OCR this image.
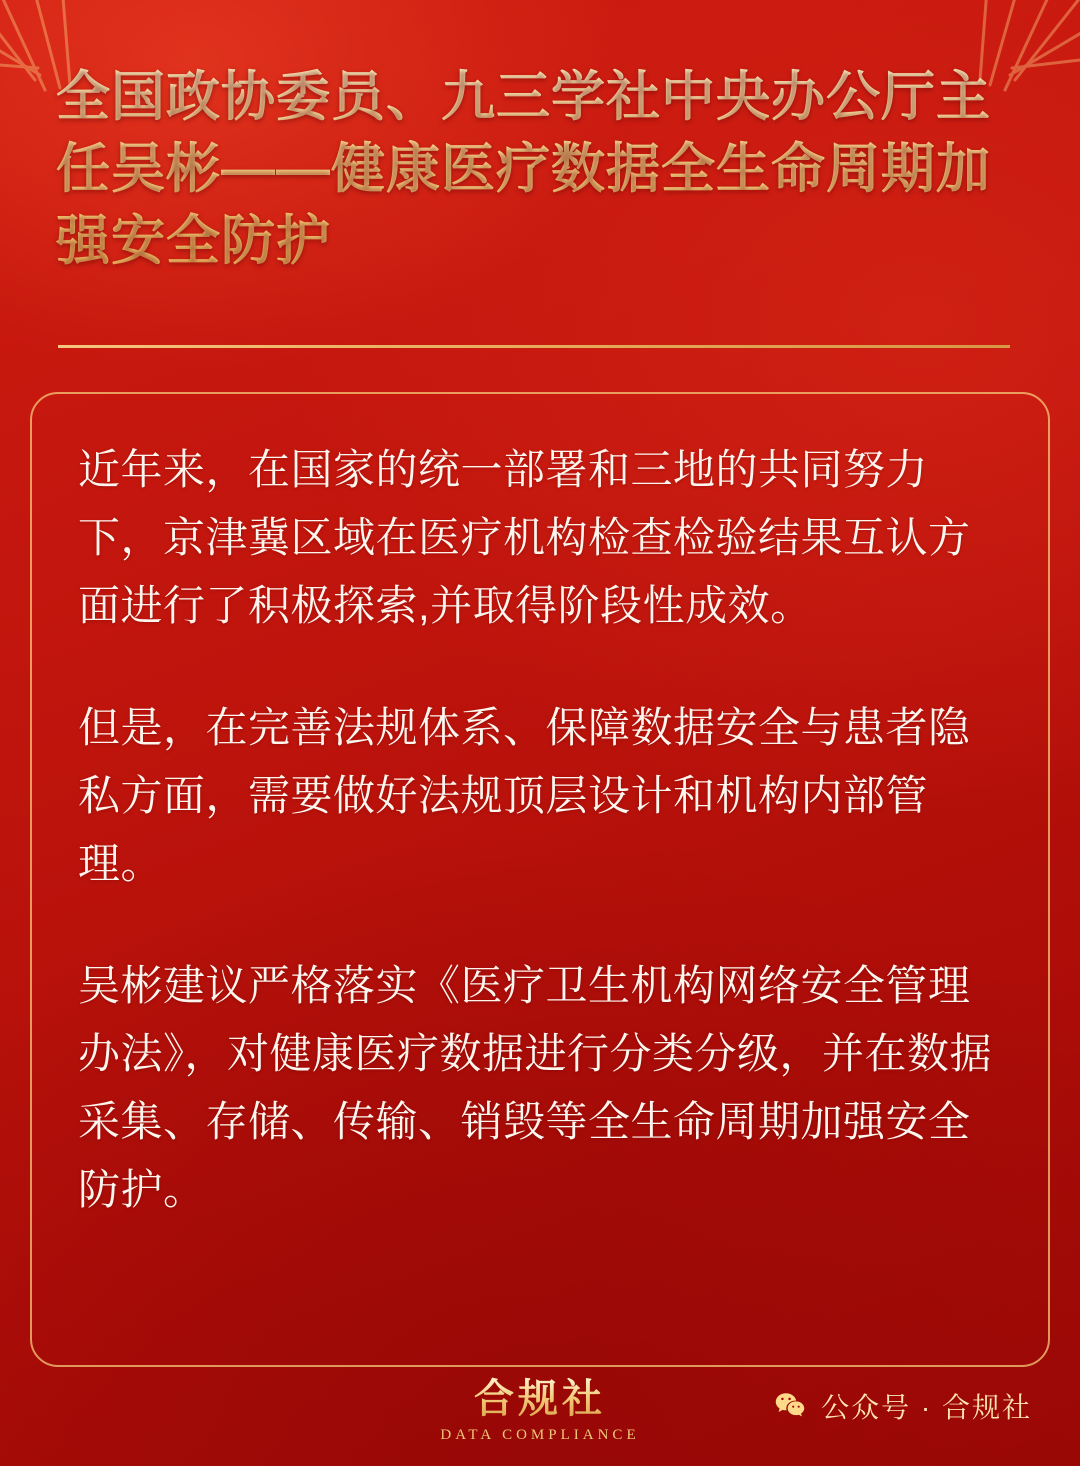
全国政协委员、九三学社中央办公厅主任吴彬——健康医疗数据全生命周期加强安全防护

近年来，在国家的统一部署和三地的共同努力下，京津冀区域在医疗机构检查检验结果互认方面进行了积极探索,并取得阶段性成效。

但是，在完善法规体系、保障数据安全与患者隐私方面，需要做好法规顶层设计和机构内部管理。

吴彬建议严格落实《医疗卫生机构网络安全管理办法》，对健康医疗数据进行分类分级，并在数据采集、存储、传输、销毁等全生命周期加强安全防护。

合规社
DATA COMPLIANCE
公众号 · 合规社
